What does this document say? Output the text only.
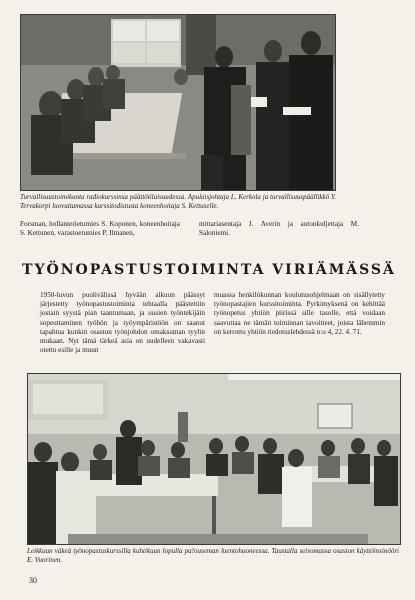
Turvallisuustoimikunta radiokurssinsa päättötilaisuudessa. Apulaisjohtaja L. Kerkola ja turvallisuuspäällikkö Y. Tervakorpi luovuttamassa kurssitodistusta koneenhoitaja S. Kettuselle.
Forsman, hollanterietumies S. Koponen, koneenhoitaja S. Kettunen, varastoetumies P. Ilmanen,
mittariasentaja J. Averin ja autonkuljettaja M. Saloniemi.
TYÖNOPASTUSTOIMINTA VIRIÄMÄSSÄ
1950-luvun puolivälissä hyvään alkuun päässyt järjestetty työnopastustoiminta tehtaalla päästettiin jostain syystä pian taantumaan, ja uusien työntekijäin sopeuttaminen työhön ja työympäristöön on saanut tapahtua kunkin osaston työnjohdon omaksuman tyylin mukaan. Nyt tämä tärkeä asia on uudelleen vakavasti otettu esille ja muun
muassa henkilökunnan koulutusohjelmaan on sisällytetty työnopastajien kurssitoiminta. Pyrkimyksenä on kehittää työnopetus yhtiön piirissä sille tasolle, että voidaan saavuttaa ne tämän toiminnan tavoitteet, joista lähemmin on kerrottu yhtiön tiedotuslehdessä n:o 4, 22. 4. 71.
Leikkuun väkeä työnopastuskurssilla kuhtikuun lopulla pa!ouseman luentohuoneessa. Taustalla seisomassa osaston käyttöinsinööri E. Vuorinen.
30
